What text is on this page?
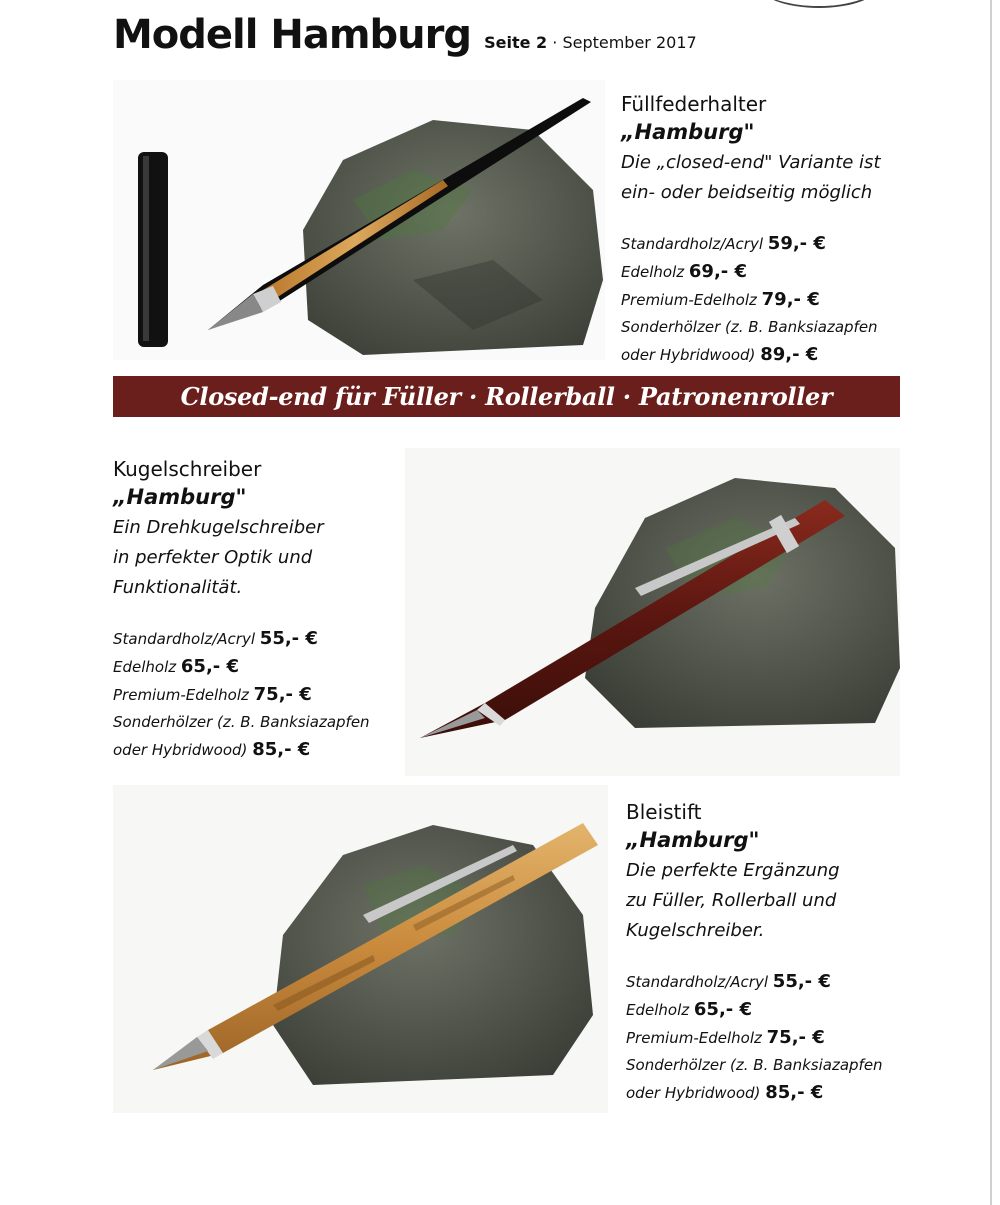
Modell Hamburg Seite 2 · September 2017
Füllfederhalter
„Hamburg"
Die „closed-end" Variante ist
ein- oder beidseitig möglich
Standardholz/Acryl 59,- €
Edelholz 69,- €
Premium-Edelholz 79,- €
Sonderhölzer (z. B. Banksiazapfen
oder Hybridwood) 89,- €
Closed-end für Füller · Rollerball · Patronenroller
Kugelschreiber
„Hamburg"
Ein Drehkugelschreiber
in perfekter Optik und
Funktionalität.
Standardholz/Acryl 55,- €
Edelholz 65,- €
Premium-Edelholz 75,- €
Sonderhölzer (z. B. Banksiazapfen
oder Hybridwood) 85,- €
Bleistift
„Hamburg"
Die perfekte Ergänzung
zu Füller, Rollerball und
Kugelschreiber.
Standardholz/Acryl 55,- €
Edelholz 65,- €
Premium-Edelholz 75,- €
Sonderhölzer (z. B. Banksiazapfen
oder Hybridwood) 85,- €
